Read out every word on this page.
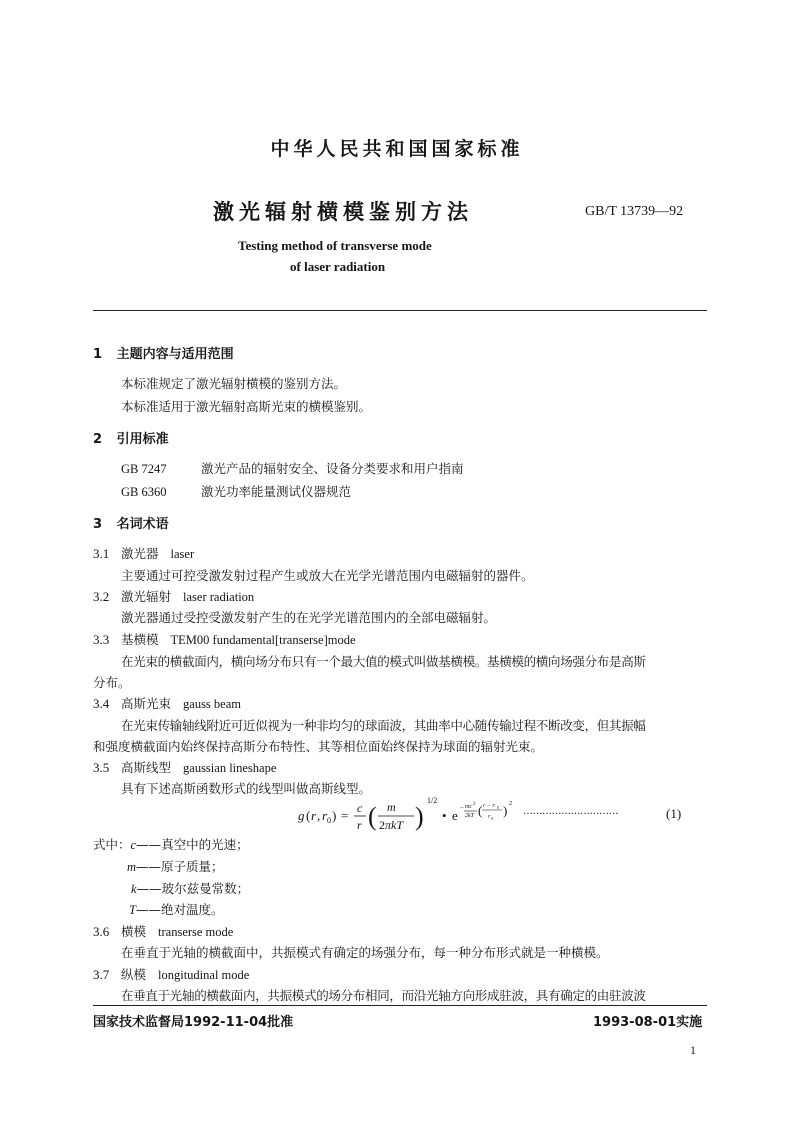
中华人民共和国国家标准
激光辐射横模鉴别方法	GB/T 13739—92
Testing method of transverse mode
of laser radiation
1 主题内容与适用范围
本标准规定了激光辐射横模的鉴别方法。
本标准适用于激光辐射高斯光束的横模鉴别。
2 引用标准
GB 7247	激光产品的辐射安全、设备分类要求和用户指南
GB 6360	激光功率能量测试仪器规范
3 名词术语
3.1 激光器 laser
主要通过可控受激发射过程产生或放大在光学光谱范围内电磁辐射的器件。
3.2 激光辐射 laser radiation
激光器通过受控受激发射产生的在光学光谱范围内的全部电磁辐射。
3.3 基横模 TEM00 fundamental[transerse]mode
在光束的横截面内，横向场分布只有一个最大值的模式叫做基横模。基横模的横向场强分布是高斯
分布。
3.4 高斯光束 gauss beam
在光束传输轴线附近可近似视为一种非均匀的球面波，其曲率中心随传输过程不断改变，但其振幅
和强度横截面内始终保持高斯分布特性、其等相位面始终保持为球面的辐射光束。
3.5 高斯线型 gaussian lineshape
具有下述高斯函数形式的线型叫做高斯线型。
g ( r , r 0 ) = c
r ( m
2 πkT )
1/2
• e − mc 2
2kT ( r − r 0
r 0
) 2
…………………………	(1)
式中：c——真空中的光速；
m——原子质量；
k——玻尔兹曼常数；
T——绝对温度。
3.6 横模 transerse mode
在垂直于光轴的横截面中，共振模式有确定的场强分布，每一种分布形式就是一种横模。
3.7 纵模 longitudinal mode
在垂直于光轴的横截面内，共振模式的场分布相同，而沿光轴方向形成驻波，具有确定的由驻波波
国家技术监督局1992-11-04批准	1993-08-01实施
1
